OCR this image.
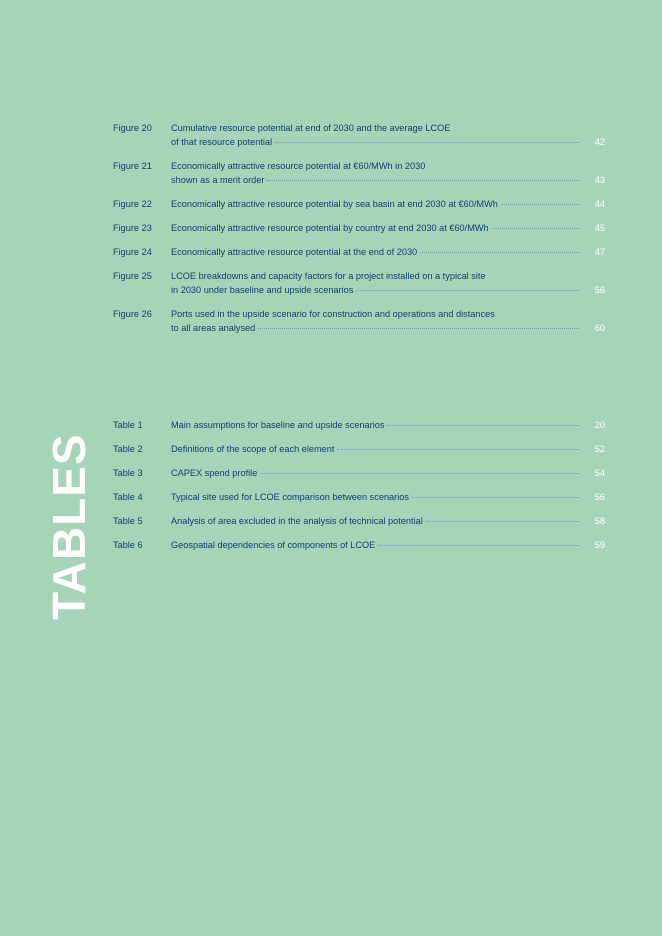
Figure 20 Cumulative resource potential at end of 2030 and the average LCOE
of that resource potential	42
Figure 21 Economically attractive resource potential at €60/MWh in 2030
shown as a merit order	43
Figure 22 Economically attractive resource potential by sea basin at end 2030 at €60/MWh	44
Figure 23 Economically attractive resource potential by country at end 2030 at €60/MWh	45
Figure 24 Economically attractive resource potential at the end of 2030	47
Figure 25 LCOE breakdowns and capacity factors for a project installed on a typical site
in 2030 under baseline and upside scenarios	56
Figure 26 Ports used in the upside scenario for construction and operations and distances
to all areas analysed	60
Table 1	Main assumptions for baseline and upside scenarios	20
Table 2	Definitions of the scope of each element	52
Table 3	CAPEX spend profile	54
Table 4	Typical site used for LCOE comparison between scenarios	56
Table 5	Analysis of area excluded in the analysis of technical potential	58
Table 6	Geospatial dependencies of components of LCOE	59
TABLES
